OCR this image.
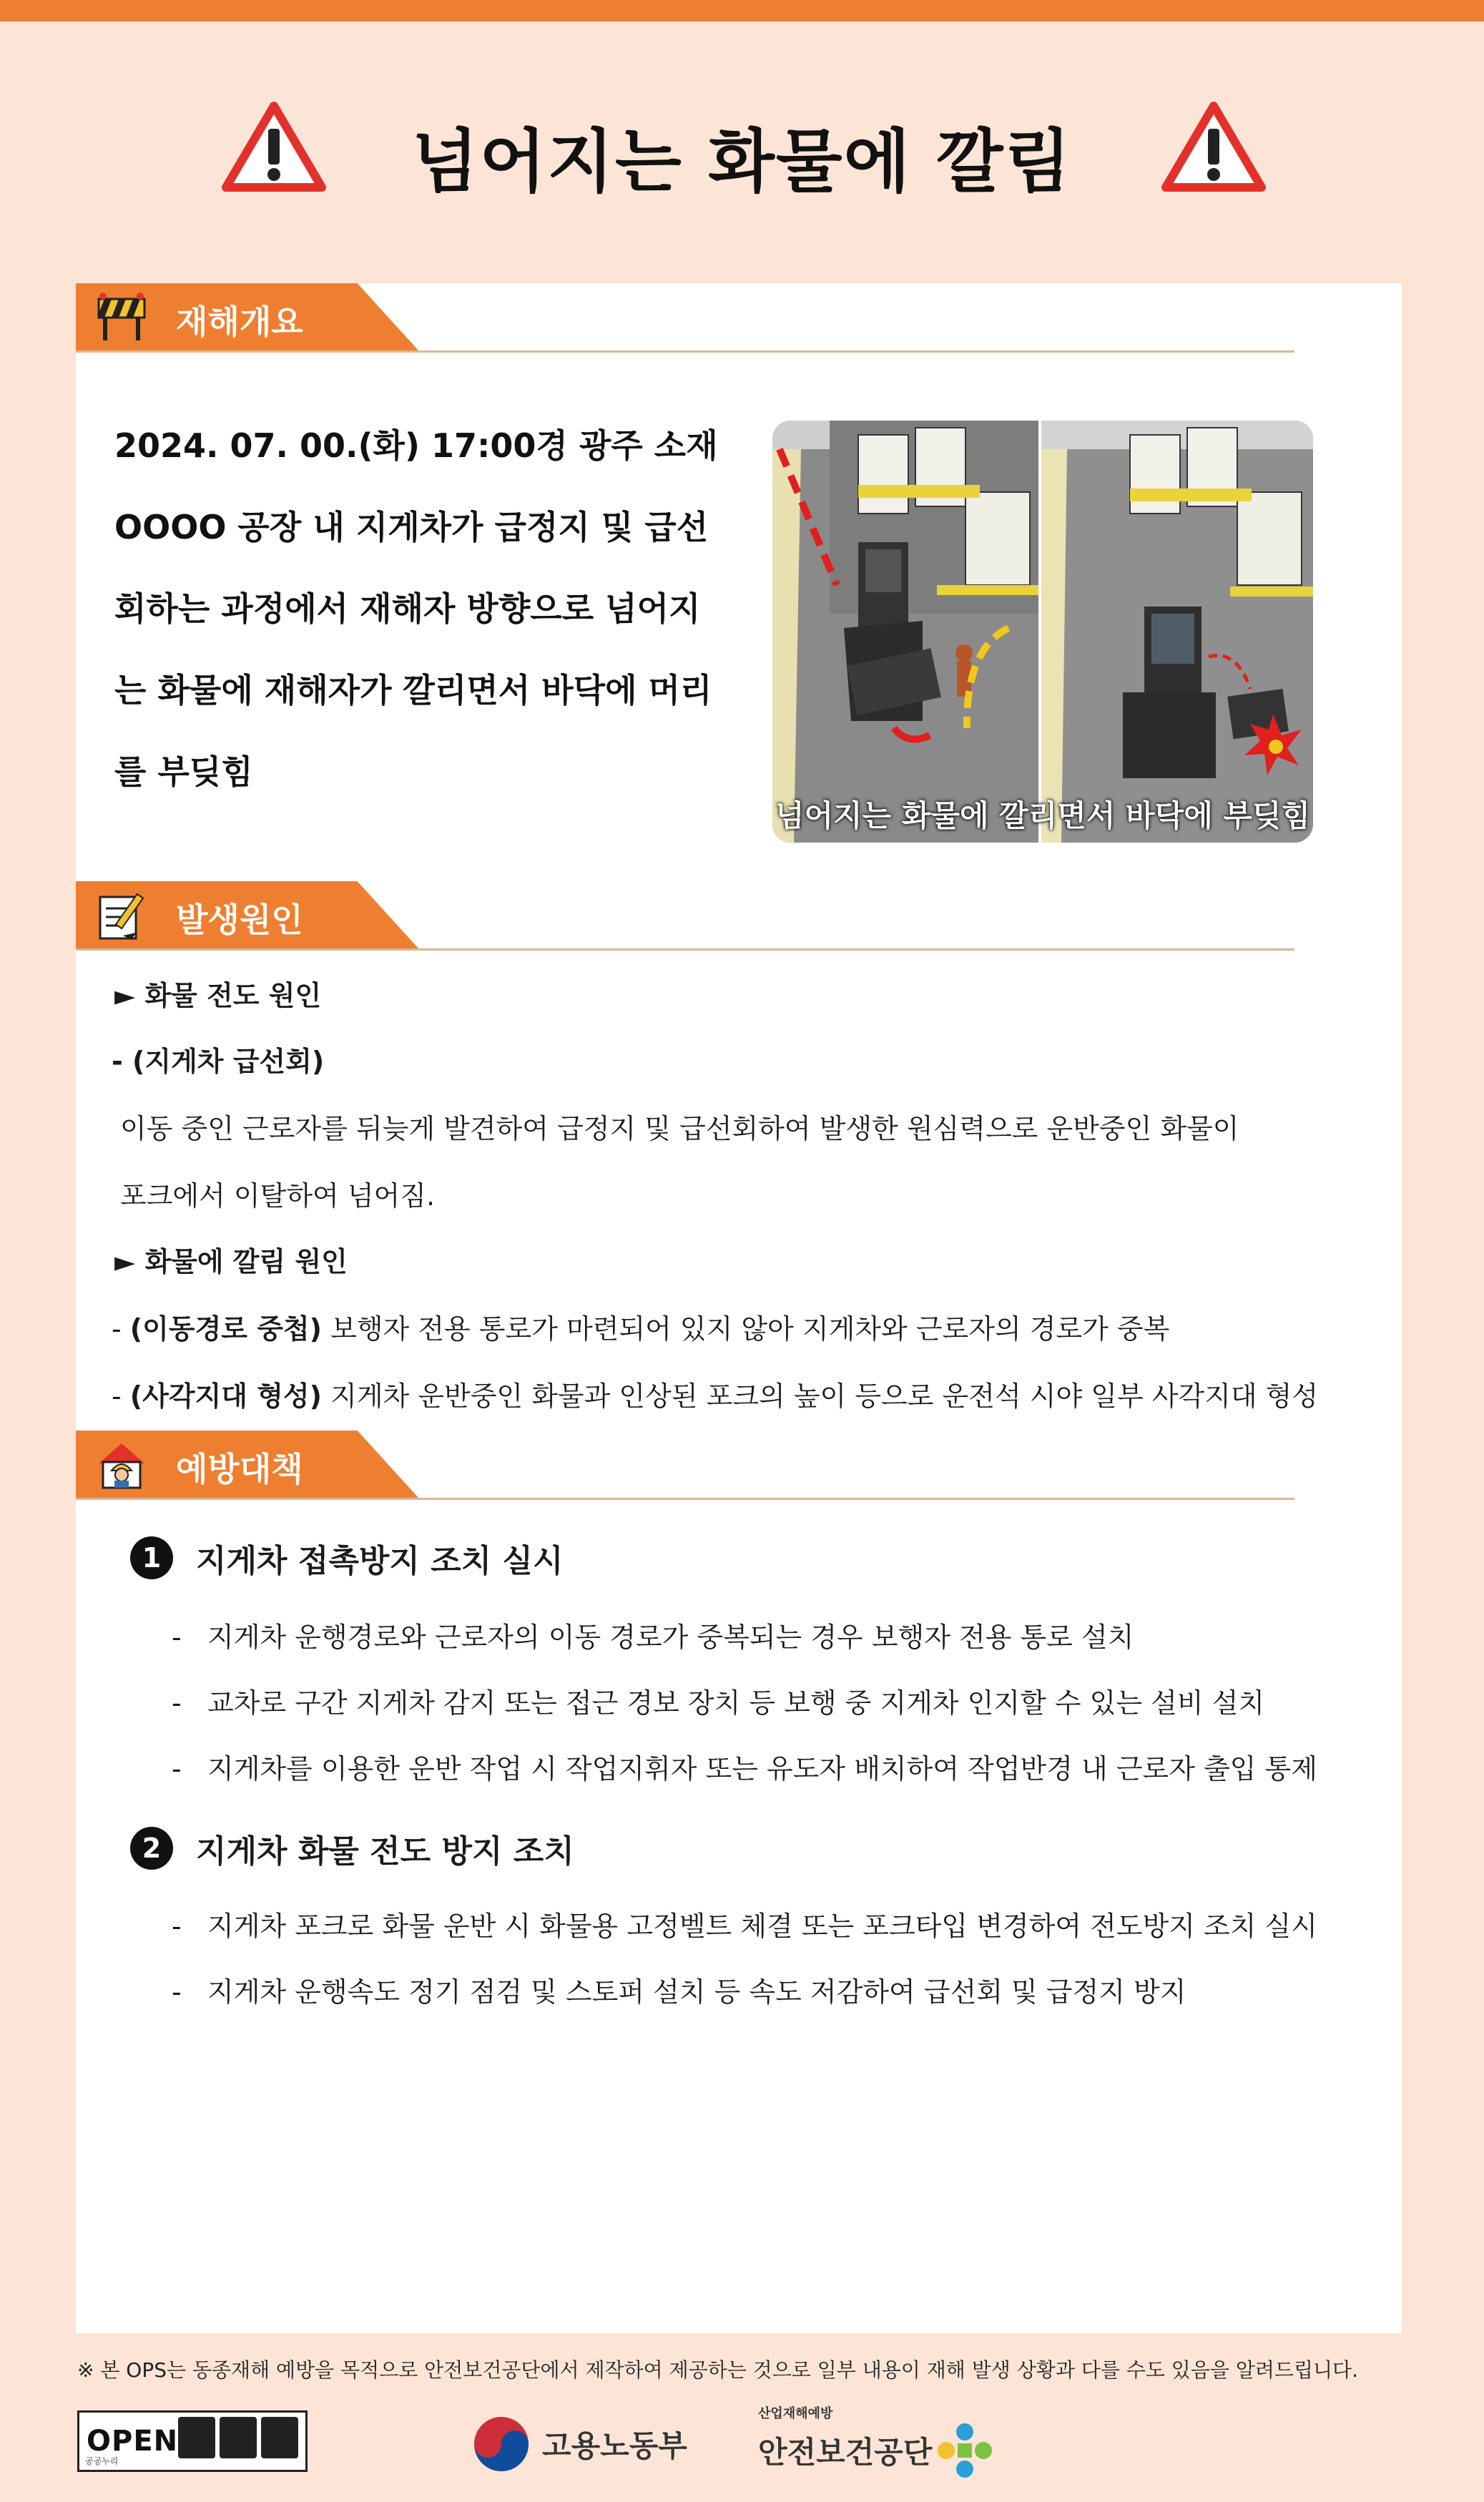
넘어지는 화물에 깔림
재해개요
2024. 07. 00.(화) 17:00경 광주 소재
OOOO 공장 내 지게차가 급정지 및 급선
회하는 과정에서 재해자 방향으로 넘어지
는 화물에 재해자가 깔리면서 바닥에 머리
를 부딪힘
넘어지는 화물에 깔리면서 바닥에 부딪힘
발생원인
► 화물 전도 원인
- (지게차 급선회)
이동 중인 근로자를 뒤늦게 발견하여 급정지 및 급선회하여 발생한 원심력으로 운반중인 화물이
포크에서 이탈하여 넘어짐.
► 화물에 깔림 원인
- (이동경로 중첩) 보행자 전용 통로가 마련되어 있지 않아 지게차와 근로자의 경로가 중복
- (사각지대 형성) 지게차 운반중인 화물과 인상된 포크의 높이 등으로 운전석 시야 일부 사각지대 형성
예방대책
1	지게차 접촉방지 조치 실시
- 지게차 운행경로와 근로자의 이동 경로가 중복되는 경우 보행자 전용 통로 설치
- 교차로 구간 지게차 감지 또는 접근 경보 장치 등 보행 중 지게차 인지할 수 있는 설비 설치
- 지게차를 이용한 운반 작업 시 작업지휘자 또는 유도자 배치하여 작업반경 내 근로자 출입 통제
2	지게차 화물 전도 방지 조치
- 지게차 포크로 화물 운반 시 화물용 고정벨트 체결 또는 포크타입 변경하여 전도방지 조치 실시
- 지게차 운행속도 정기 점검 및 스토퍼 설치 등 속도 저감하여 급선회 및 급정지 방지
※ 본 OPS는 동종재해 예방을 목적으로 안전보건공단에서 제작하여 제공하는 것으로 일부 내용이 재해 발생 상황과 다를 수도 있음을 알려드립니다.
OPEN
공공누리	고용노동부
산업재해예방
안전보건공단
